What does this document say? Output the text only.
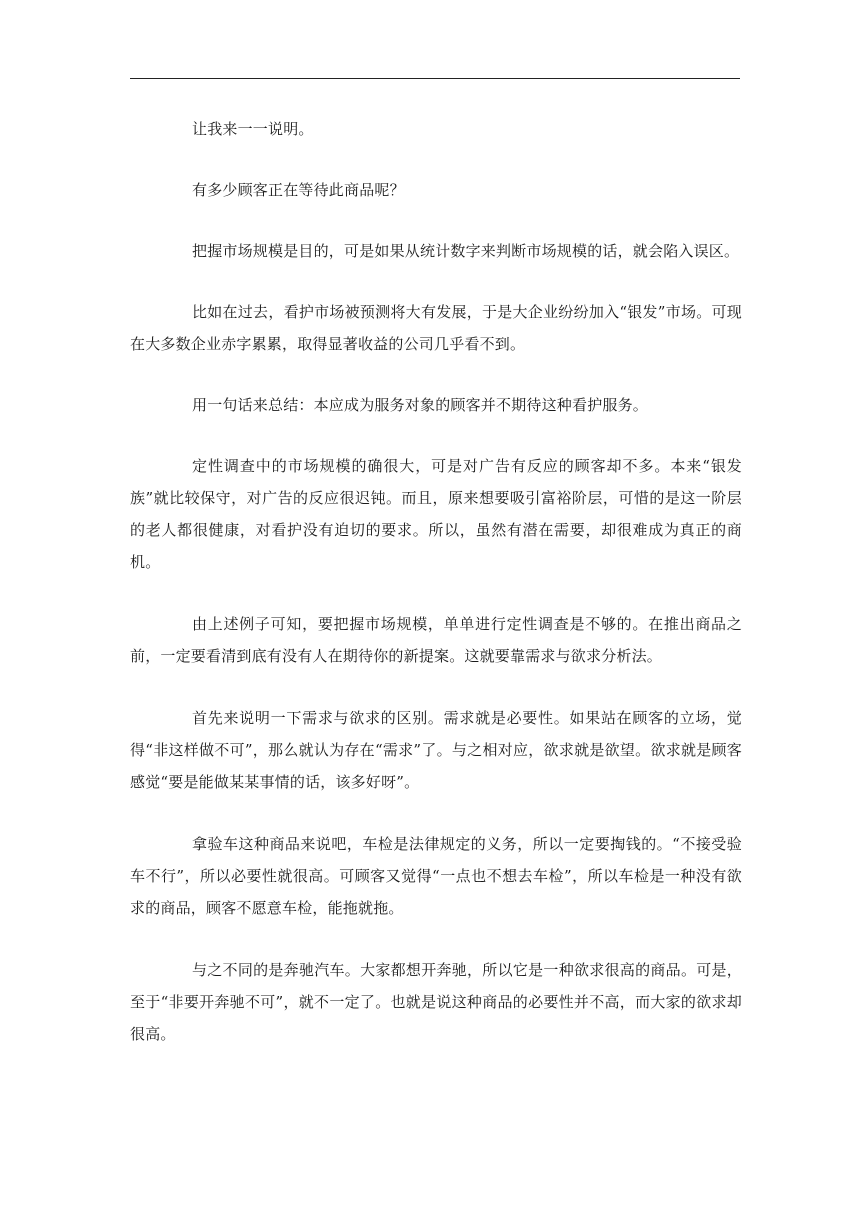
让我来一一说明。

有多少顾客正在等待此商品呢？

把握市场规模是目的，可是如果从统计数字来判断市场规模的话，就会陷入误区。

比如在过去，看护市场被预测将大有发展，于是大企业纷纷加入“银发”市场。可现在大多数企业赤字累累，取得显著收益的公司几乎看不到。

用一句话来总结：本应成为服务对象的顾客并不期待这种看护服务。

定性调查中的市场规模的确很大，可是对广告有反应的顾客却不多。本来“银发族”就比较保守，对广告的反应很迟钝。而且，原来想要吸引富裕阶层，可惜的是这一阶层的老人都很健康，对看护没有迫切的要求。所以，虽然有潜在需要，却很难成为真正的商机。

由上述例子可知，要把握市场规模，单单进行定性调查是不够的。在推出商品之前，一定要看清到底有没有人在期待你的新提案。这就要靠需求与欲求分析法。

首先来说明一下需求与欲求的区别。需求就是必要性。如果站在顾客的立场，觉得“非这样做不可”，那么就认为存在“需求”了。与之相对应，欲求就是欲望。欲求就是顾客感觉“要是能做某某事情的话，该多好呀”。

拿验车这种商品来说吧，车检是法律规定的义务，所以一定要掏钱的。“不接受验车不行”，所以必要性就很高。可顾客又觉得“一点也不想去车检”，所以车检是一种没有欲求的商品，顾客不愿意车检，能拖就拖。

与之不同的是奔驰汽车。大家都想开奔驰，所以它是一种欲求很高的商品。可是，至于“非要开奔驰不可”，就不一定了。也就是说这种商品的必要性并不高，而大家的欲求却很高。
